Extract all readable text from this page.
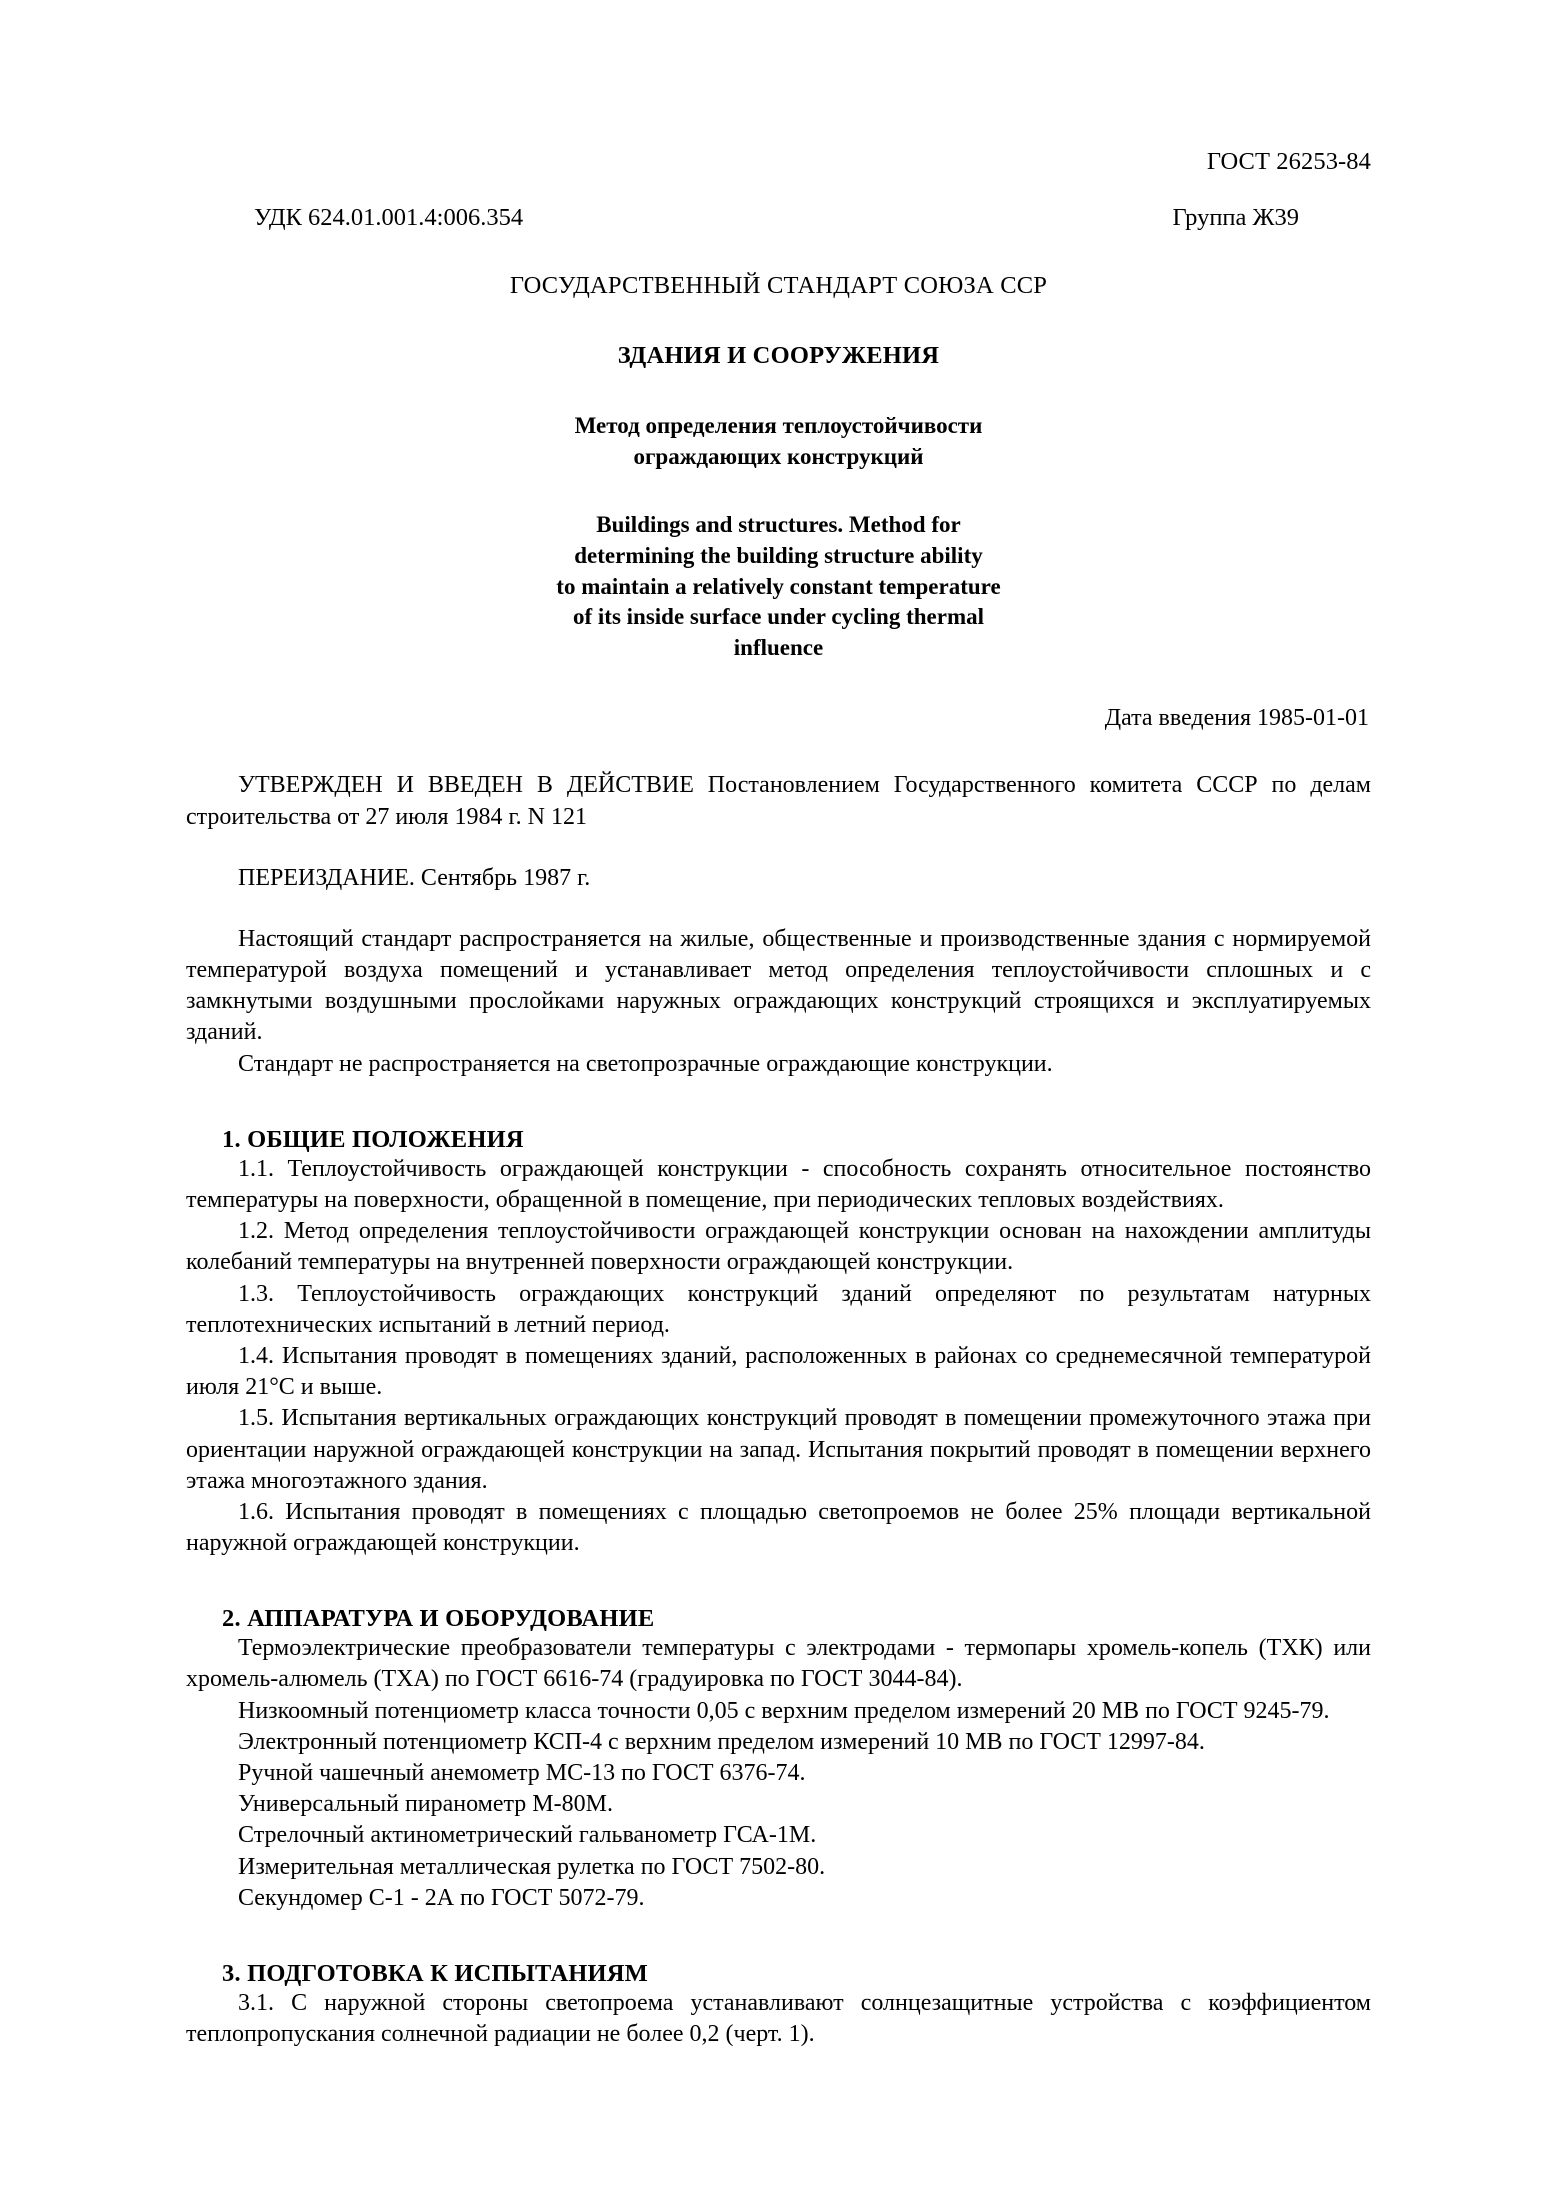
ГОСТ 26253-84
УДК 624.01.001.4:006.354	Группа Ж39
ГОСУДАРСТВЕННЫЙ СТАНДАРТ СОЮЗА ССР
ЗДАНИЯ И СООРУЖЕНИЯ
Метод определения теплоустойчивости
ограждающих конструкций
Buildings and structures. Method for
determining the building structure ability
to maintain a relatively constant temperature
of its inside surface under cycling thermal
influence
Дата введения 1985-01-01

УТВЕРЖДЕН И ВВЕДЕН В ДЕЙСТВИЕ Постановлением Государственного комитета СССР по делам строительства от 27 июля 1984 г. N 121

ПЕРЕИЗДАНИЕ. Сентябрь 1987 г.

Настоящий стандарт распространяется на жилые, общественные и производственные здания с нормируемой температурой воздуха помещений и устанавливает метод определения теплоустойчивости сплошных и с замкнутыми воздушными прослойками наружных ограждающих конструкций строящихся и эксплуатируемых зданий.

Стандарт не распространяется на светопрозрачные ограждающие конструкции.

1. ОБЩИЕ ПОЛОЖЕНИЯ

1.1. Теплоустойчивость ограждающей конструкции - способность сохранять относительное постоянство температуры на поверхности, обращенной в помещение, при периодических тепловых воздействиях.

1.2. Метод определения теплоустойчивости ограждающей конструкции основан на нахождении амплитуды колебаний температуры на внутренней поверхности ограждающей конструкции.

1.3. Теплоустойчивость ограждающих конструкций зданий определяют по результатам натурных теплотехнических испытаний в летний период.

1.4. Испытания проводят в помещениях зданий, расположенных в районах со среднемесячной температурой июля 21°C и выше.

1.5. Испытания вертикальных ограждающих конструкций проводят в помещении промежуточного этажа при ориентации наружной ограждающей конструкции на запад. Испытания покрытий проводят в помещении верхнего этажа многоэтажного здания.

1.6. Испытания проводят в помещениях с площадью светопроемов не более 25% площади вертикальной наружной ограждающей конструкции.

2. АППАРАТУРА И ОБОРУДОВАНИЕ

Термоэлектрические преобразователи температуры с электродами - термопары хромель-копель (ТХК) или хромель-алюмель (ТХА) по ГОСТ 6616-74 (градуировка по ГОСТ 3044-84).

Низкоомный потенциометр класса точности 0,05 с верхним пределом измерений 20 МВ по ГОСТ 9245-79.

Электронный потенциометр КСП-4 с верхним пределом измерений 10 МВ по ГОСТ 12997-84.

Ручной чашечный анемометр МС-13 по ГОСТ 6376-74.

Универсальный пиранометр М-80М.

Стрелочный актинометрический гальванометр ГСА-1М.

Измерительная металлическая рулетка по ГОСТ 7502-80.

Секундомер С-1 - 2А по ГОСТ 5072-79.

3. ПОДГОТОВКА К ИСПЫТАНИЯМ

3.1. С наружной стороны светопроема устанавливают солнцезащитные устройства с коэффициентом теплопропускания солнечной радиации не более 0,2 (черт. 1).
